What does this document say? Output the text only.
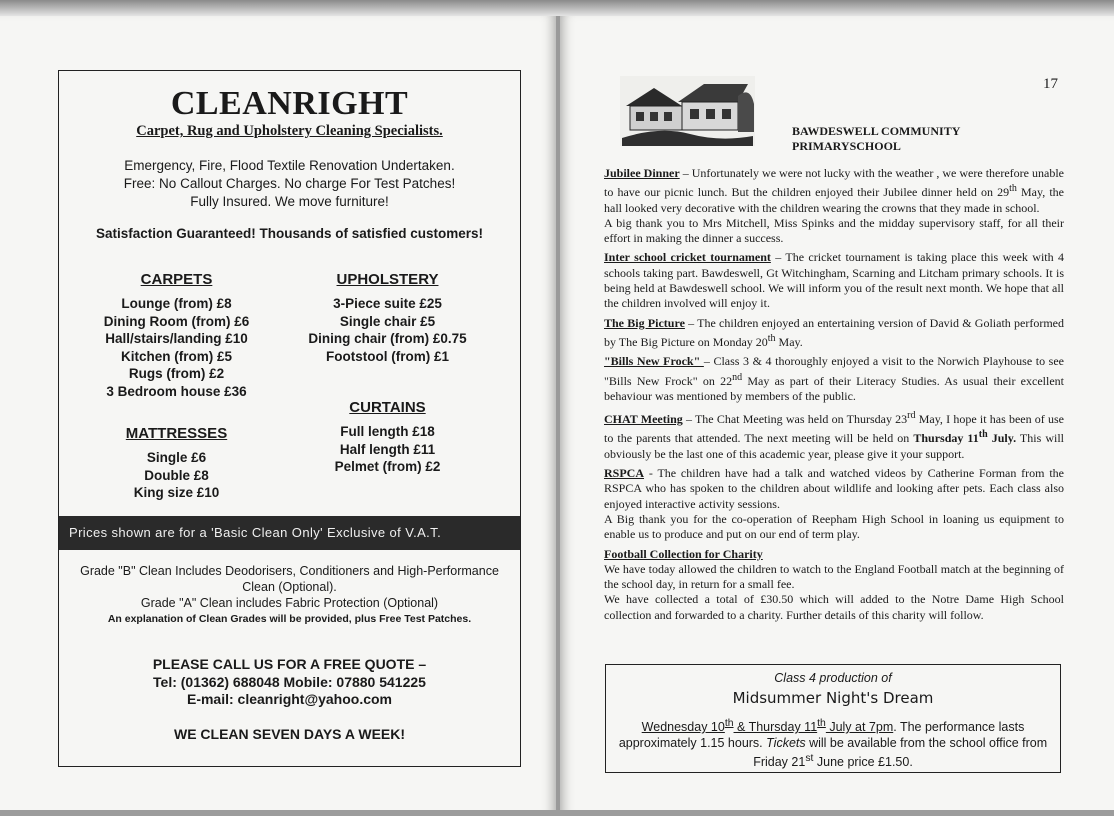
CLEANRIGHT
Carpet, Rug and Upholstery Cleaning Specialists.
Emergency, Fire, Flood Textile Renovation Undertaken.
Free: No Callout Charges. No charge For Test Patches!
Fully Insured. We move furniture!
Satisfaction Guaranteed! Thousands of satisfied customers!
CARPETS
Lounge (from) £8
Dining Room (from) £6
Hall/stairs/landing £10
Kitchen (from) £5
Rugs (from) £2
3 Bedroom house £36
UPHOLSTERY
3-Piece suite £25
Single chair £5
Dining chair (from) £0.75
Footstool (from) £1
CURTAINS
Full length £18
Half length £11
Pelmet (from) £2
MATTRESSES
Single £6
Double £8
King size £10
Prices shown are for a 'Basic Clean Only' Exclusive of V.A.T.
Grade "B" Clean Includes Deodorisers, Conditioners and High-Performance Clean (Optional).
Grade "A" Clean includes Fabric Protection (Optional)
An explanation of Clean Grades will be provided, plus Free Test Patches.
PLEASE CALL US FOR A FREE QUOTE –
Tel: (01362) 688048 Mobile: 07880 541225
E-mail: cleanright@yahoo.com
WE CLEAN SEVEN DAYS A WEEK!
17
BAWDESWELL COMMUNITY
PRIMARYSCHOOL

Jubilee Dinner – Unfortunately we were not lucky with the weather , we were therefore unable to have our picnic lunch. But the children enjoyed their Jubilee dinner held on 29th May, the hall looked very decorative with the children wearing the crowns that they made in school.
A big thank you to Mrs Mitchell, Miss Spinks and the midday supervisory staff, for all their effort in making the dinner a success.

Inter school cricket tournament – The cricket tournament is taking place this week with 4 schools taking part. Bawdeswell, Gt Witchingham, Scarning and Litcham primary schools. It is being held at Bawdeswell school. We will inform you of the result next month. We hope that all the children involved will enjoy it.

The Big Picture – The children enjoyed an entertaining version of David & Goliath performed by The Big Picture on Monday 20th May.

"Bills New Frock" – Class 3 & 4 thoroughly enjoyed a visit to the Norwich Playhouse to see "Bills New Frock" on 22nd May as part of their Literacy Studies. As usual their excellent behaviour was mentioned by members of the public.

CHAT Meeting – The Chat Meeting was held on Thursday 23rd May, I hope it has been of use to the parents that attended. The next meeting will be held on Thursday 11th July. This will obviously be the last one of this academic year, please give it your support.

RSPCA - The children have had a talk and watched videos by Catherine Forman from the RSPCA who has spoken to the children about wildlife and looking after pets. Each class also enjoyed interactive activity sessions.
A Big thank you for the co-operation of Reepham High School in loaning us equipment to enable us to produce and put on our end of term play.

Football Collection for Charity
We have today allowed the children to watch to the England Football match at the beginning of the school day, in return for a small fee.
We have collected a total of £30.50 which will added to the Notre Dame High School collection and forwarded to a charity. Further details of this charity will follow.

Class 4 production of
Midsummer Night's Dream
Wednesday 10th & Thursday 11th July at 7pm. The performance lasts approximately 1.15 hours. Tickets will be available from the school office from Friday 21st June price £1.50.
